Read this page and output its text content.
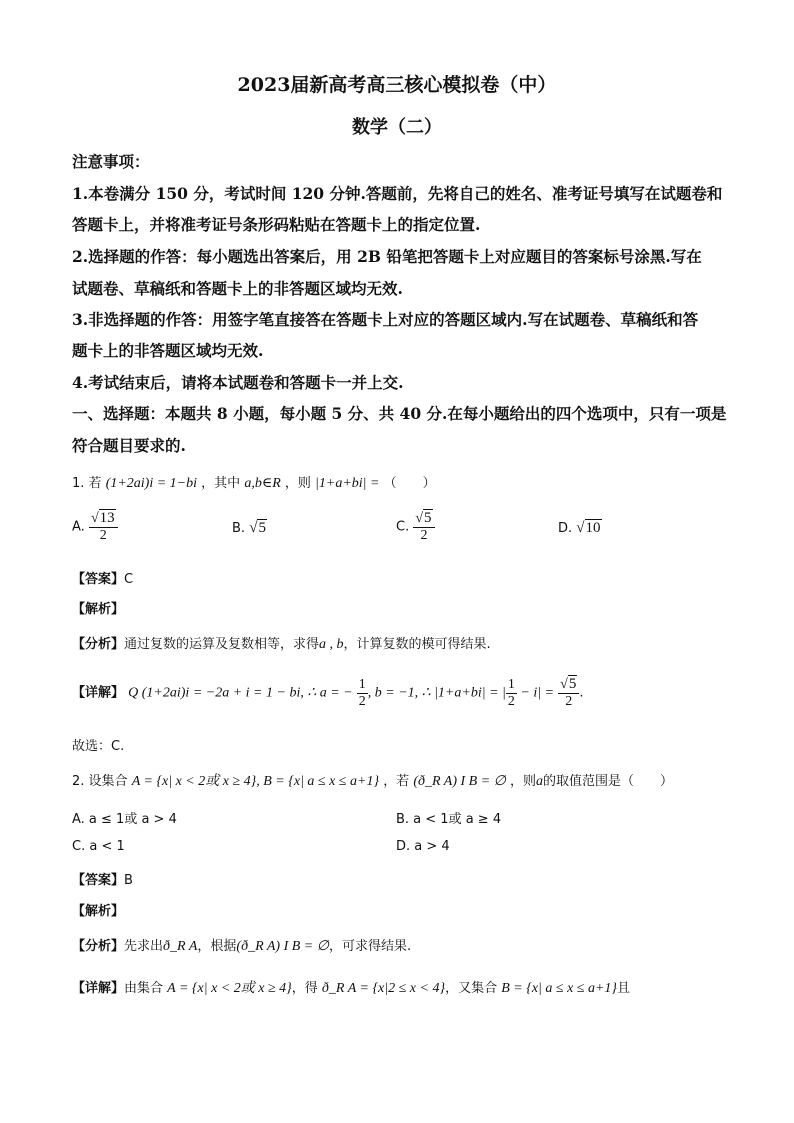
2023届新高考高三核心模拟卷（中）
数学（二）
注意事项：
1.本卷满分 150 分，考试时间 120 分钟.答题前，先将自己的姓名、准考证号填写在试题卷和
答题卡上，并将准考证号条形码粘贴在答题卡上的指定位置.
2.选择题的作答：每小题选出答案后，用 2B 铅笔把答题卡上对应题目的答案标号涂黑.写在
试题卷、草稿纸和答题卡上的非答题区域均无效.
3.非选择题的作答：用签字笔直接答在答题卡上对应的答题区域内.写在试题卷、草稿纸和答
题卡上的非答题区域均无效.
4.考试结束后，请将本试题卷和答题卡一并上交.
一、选择题：本题共 8 小题，每小题 5 分、共 40 分.在每小题给出的四个选项中，只有一项是
符合题目要求的.
1. 若 (1+2ai)i = 1−bi ，其中 a,b∈R ，则 |1+a+bi| = （　　）
A. $\frac{√13}{2}$	B. √5	C. $\frac{√5}{2}$	D. √10
【答案】C
【解析】
【分析】通过复数的运算及复数相等，求得a , b，计算复数的模可得结果.
【详解】 Q (1+2ai)i = −2a + i = 1 − bi, ∴ a = − $\frac{1}{2}$ , b = −1, ∴ |1+a+bi| = | $\frac{1}{2} - i| = \frac{√5}{2}$ .
故选：C.
2. 设集合 A = {x| x < 2或 x ≥ 4}, B = {x| a ≤ x ≤ a+1} ，若 (ð_R A) I B = ∅ ，则a的取值范围是（　　）
A. a ≤ 1或 a > 4	B. a < 1或 a ≥ 4
C. a < 1	D. a > 4
【答案】B
【解析】
【分析】先求出ð_R A，根据(ð_R A) I B = ∅，可求得结果.
【详解】由集合 A = {x| x < 2或 x ≥ 4}，得 ð_R A = {x|2 ≤ x < 4}，又集合 B = {x| a ≤ x ≤ a+1}且
